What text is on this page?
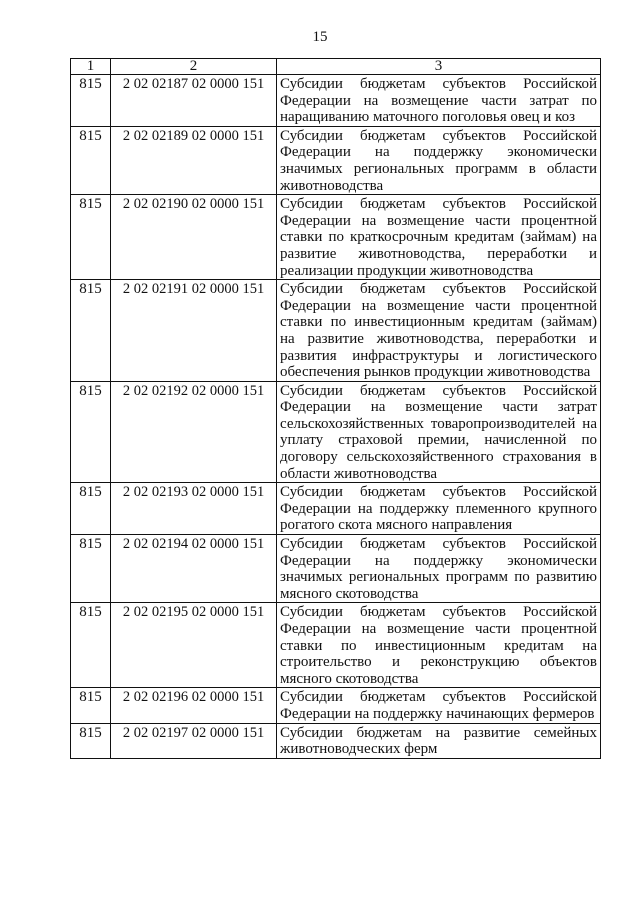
15
1	2	3
815	2 02 02187 02 0000 151	Субсидии бюджетам субъектов Российской Федерации на возмещение части затрат по наращиванию маточного поголовья овец и коз
815	2 02 02189 02 0000 151	Субсидии бюджетам субъектов Российской Федерации на поддержку экономически значимых региональных программ в области животноводства
815	2 02 02190 02 0000 151	Субсидии бюджетам субъектов Российской Федерации на возмещение части процентной ставки по краткосрочным кредитам (займам) на развитие животноводства, переработки и реализации продукции животноводства
815	2 02 02191 02 0000 151	Субсидии бюджетам субъектов Российской Федерации на возмещение части процентной ставки по инвестиционным кредитам (займам) на развитие животноводства, переработки и развития инфраструктуры и логистического обеспечения рынков продукции животноводства
815	2 02 02192 02 0000 151	Субсидии бюджетам субъектов Российской Федерации на возмещение части затрат сельскохозяйственных товаропроизводителей на уплату страховой премии, начисленной по договору сельскохозяйственного страхования в области животноводства
815	2 02 02193 02 0000 151	Субсидии бюджетам субъектов Российской Федерации на поддержку племенного крупного рогатого скота мясного направления
815	2 02 02194 02 0000 151	Субсидии бюджетам субъектов Российской Федерации на поддержку экономически значимых региональных программ по развитию мясного скотоводства
815	2 02 02195 02 0000 151	Субсидии бюджетам субъектов Российской Федерации на возмещение части процентной ставки по инвестиционным кредитам на строительство и реконструкцию объектов мясного скотоводства
815	2 02 02196 02 0000 151	Субсидии бюджетам субъектов Российской Федерации на поддержку начинающих фермеров
815	2 02 02197 02 0000 151	Субсидии бюджетам на развитие семейных животноводческих ферм
